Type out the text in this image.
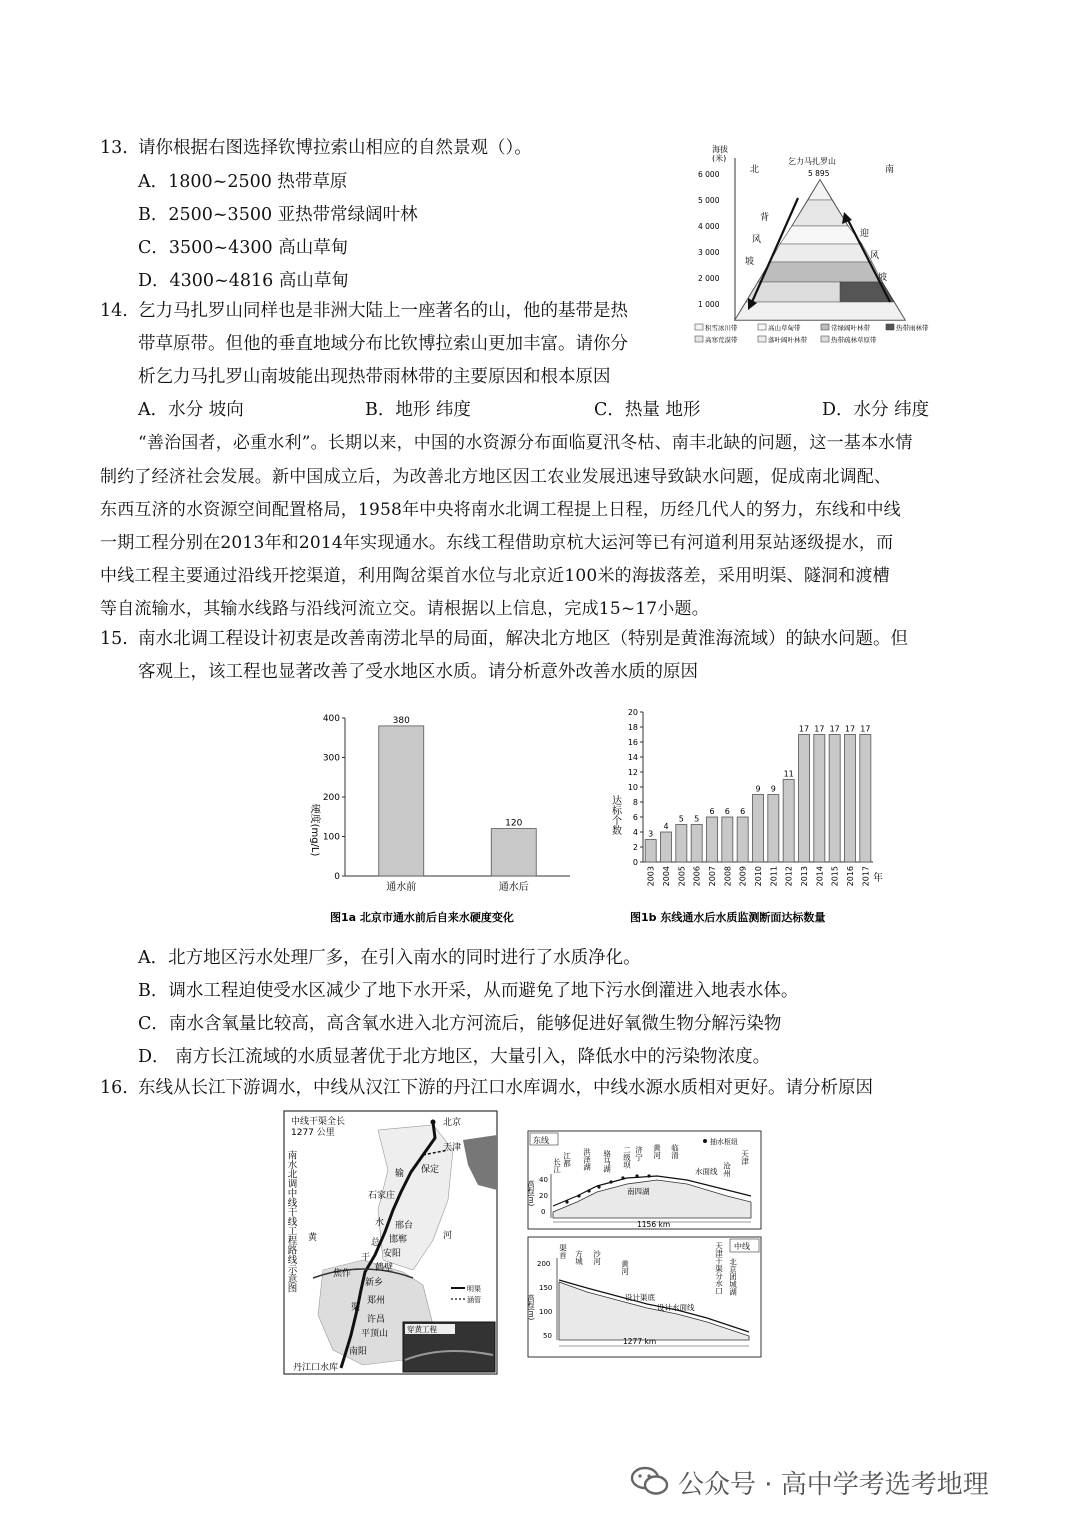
13. 请你根据右图选择钦博拉索山相应的自然景观（）。
A．1800~2500 热带草原
B．2500~3500 亚热带常绿阔叶林
C．3500~4300 高山草甸
D．4300~4816 高山草甸
14. 乞力马扎罗山同样也是非洲大陆上一座著名的山，他的基带是热
带草原带。但他的垂直地域分布比钦博拉索山更加丰富。请你分
析乞力马扎罗山南坡能出现热带雨林带的主要原因和根本原因
A．水分 坡向	B．地形 纬度	C．热量 地形	D．水分 纬度
海拔(米)
6 000
5 000
4 000
3 000
2 000
1 000
北	南
乞力马扎罗山
5 895
背
风
坡
迎
风
坡
积雪冰川带	高山草甸带	常绿阔叶林带	热带雨林带
高寒荒漠带	落叶阔叶林带	热带疏林草原带
“善治国者，必重水利”。长期以来，中国的水资源分布面临夏汛冬枯、南丰北缺的问题，这一基本水情
制约了经济社会发展。新中国成立后，为改善北方地区因工农业发展迅速导致缺水问题，促成南北调配、
东西互济的水资源空间配置格局，1958年中央将南水北调工程提上日程，历经几代人的努力，东线和中线
一期工程分别在2013年和2014年实现通水。东线工程借助京杭大运河等已有河道利用泵站逐级提水，而
中线工程主要通过沿线开挖渠道，利用陶岔渠首水位与北京近100米的海拔落差，采用明渠、隧洞和渡槽
等自流输水，其输水线路与沿线河流立交。请根据以上信息，完成15~17小题。
15. 南水北调工程设计初衷是改善南涝北旱的局面，解决北方地区（特别是黄淮海流域）的缺水问题。但
客观上，该工程也显著改善了受水地区水质。请分析意外改善水质的原因
0
100
200
300
400	380
通水前
120
通水后
硬度(mg/L)
图1a 北京市通水前后自来水硬度变化
0
2
4
6
8
10
12
14
16
18
20
3
2003
4
2004
5
2005
5
2006
6
2007
6
2008
6
2009
9
2010
9
2011
11
2012
17
2013
17
2014
17
2015
17
2016
17
2017
达标个数
年
图1b 东线通水后水质监测断面达标数量
A．北方地区污水处理厂多，在引入南水的同时进行了水质净化。
B．调水工程迫使受水区减少了地下水开采，从而避免了地下污水倒灌进入地表水体。
C．南水含氧量比较高，高含氧水进入北方河流后，能够促进好氧微生物分解污染物
D． 南方长江流域的水质显著优于北方地区，大量引入，降低水中的污染物浓度。
16. 东线从长江下游调水，中线从汉江下游的丹江口水库调水，中线水源水质相对更好。请分析原因
中线干渠全长 1277 公里
南水北调中线干线工程路线示意图
北京
天津
保定
石家庄
邢台
邯郸
安阳
鹤壁
焦作
新乡
郑州
许昌
平顶山
南阳
丹江口水库
输
水
总
干
渠
黄	河
明渠
涵管
穿黄工程
东线	抽水枢纽
40
20
0
长江 江都 洪泽湖 骆马湖 二级坝 济宁 黄河 临清
沧州
天津
南四湖
水面线
高程(m)
1156 km
中线
200
150
100
50
渠首 方城 沙河
黄河	天津干渠分水口 北京团城湖
设计渠底
设计水面线
高程(m)
1277 km
公众号 · 高中学考选考地理
